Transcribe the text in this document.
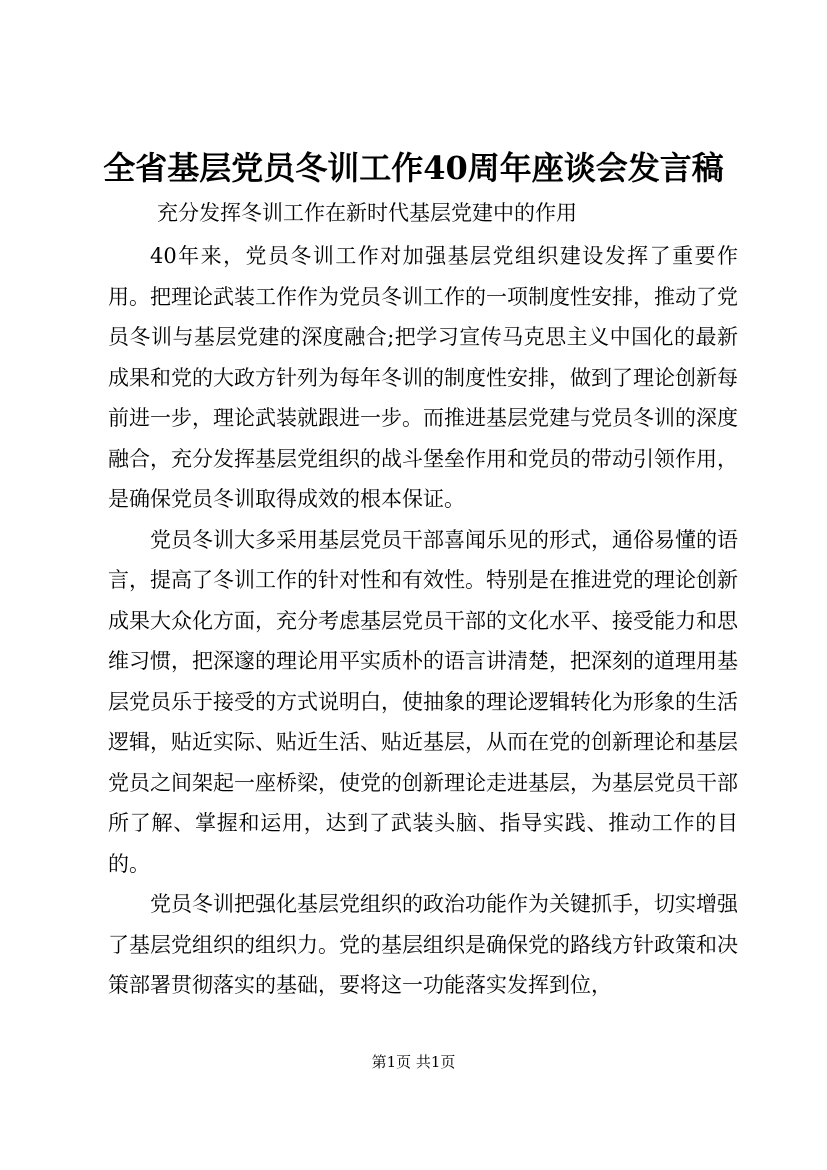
全省基层党员冬训工作40周年座谈会发言稿
充分发挥冬训工作在新时代基层党建中的作用

40年来，党员冬训工作对加强基层党组织建设发挥了重要作用。把理论武装工作作为党员冬训工作的一项制度性安排，推动了党员冬训与基层党建的深度融合;把学习宣传马克思主义中国化的最新成果和党的大政方针列为每年冬训的制度性安排，做到了理论创新每前进一步，理论武装就跟进一步。而推进基层党建与党员冬训的深度融合，充分发挥基层党组织的战斗堡垒作用和党员的带动引领作用，是确保党员冬训取得成效的根本保证。

党员冬训大多采用基层党员干部喜闻乐见的形式，通俗易懂的语言，提高了冬训工作的针对性和有效性。特别是在推进党的理论创新成果大众化方面，充分考虑基层党员干部的文化水平、接受能力和思维习惯，把深邃的理论用平实质朴的语言讲清楚，把深刻的道理用基层党员乐于接受的方式说明白，使抽象的理论逻辑转化为形象的生活逻辑，贴近实际、贴近生活、贴近基层，从而在党的创新理论和基层党员之间架起一座桥梁，使党的创新理论走进基层，为基层党员干部所了解、掌握和运用，达到了武装头脑、指导实践、推动工作的目的。

党员冬训把强化基层党组织的政治功能作为关键抓手，切实增强了基层党组织的组织力。党的基层组织是确保党的路线方针政策和决策部署贯彻落实的基础，要将这一功能落实发挥到位，

第1页 共1页
